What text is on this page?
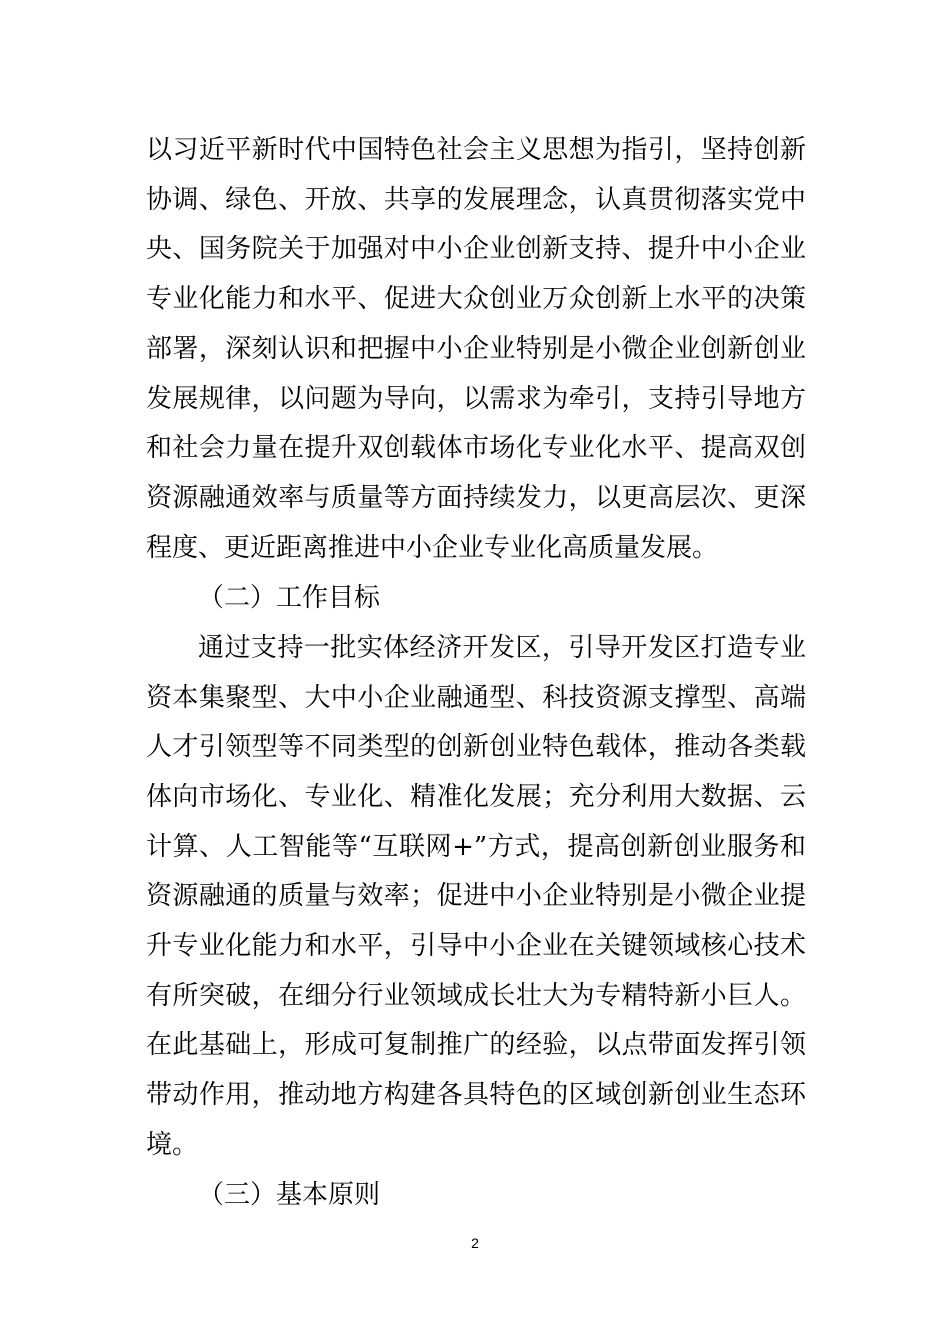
以习近平新时代中国特色社会主义思想为指引，坚持创新
协调、绿色、开放、共享的发展理念，认真贯彻落实党中
央、国务院关于加强对中小企业创新支持、提升中小企业
专业化能力和水平、促进大众创业万众创新上水平的决策
部署，深刻认识和把握中小企业特别是小微企业创新创业
发展规律，以问题为导向，以需求为牵引，支持引导地方
和社会力量在提升双创载体市场化专业化水平、提高双创
资源融通效率与质量等方面持续发力，以更高层次、更深
程度、更近距离推进中小企业专业化高质量发展。
（二）工作目标
通过支持一批实体经济开发区，引导开发区打造专业
资本集聚型、大中小企业融通型、科技资源支撑型、高端
人才引领型等不同类型的创新创业特色载体，推动各类载
体向市场化、专业化、精准化发展；充分利用大数据、云
计算、人工智能等“互联网+”方式，提高创新创业服务和
资源融通的质量与效率；促进中小企业特别是小微企业提
升专业化能力和水平，引导中小企业在关键领域核心技术
有所突破，在细分行业领域成长壮大为专精特新小巨人。
在此基础上，形成可复制推广的经验，以点带面发挥引领
带动作用，推动地方构建各具特色的区域创新创业生态环
境。
（三）基本原则
2
